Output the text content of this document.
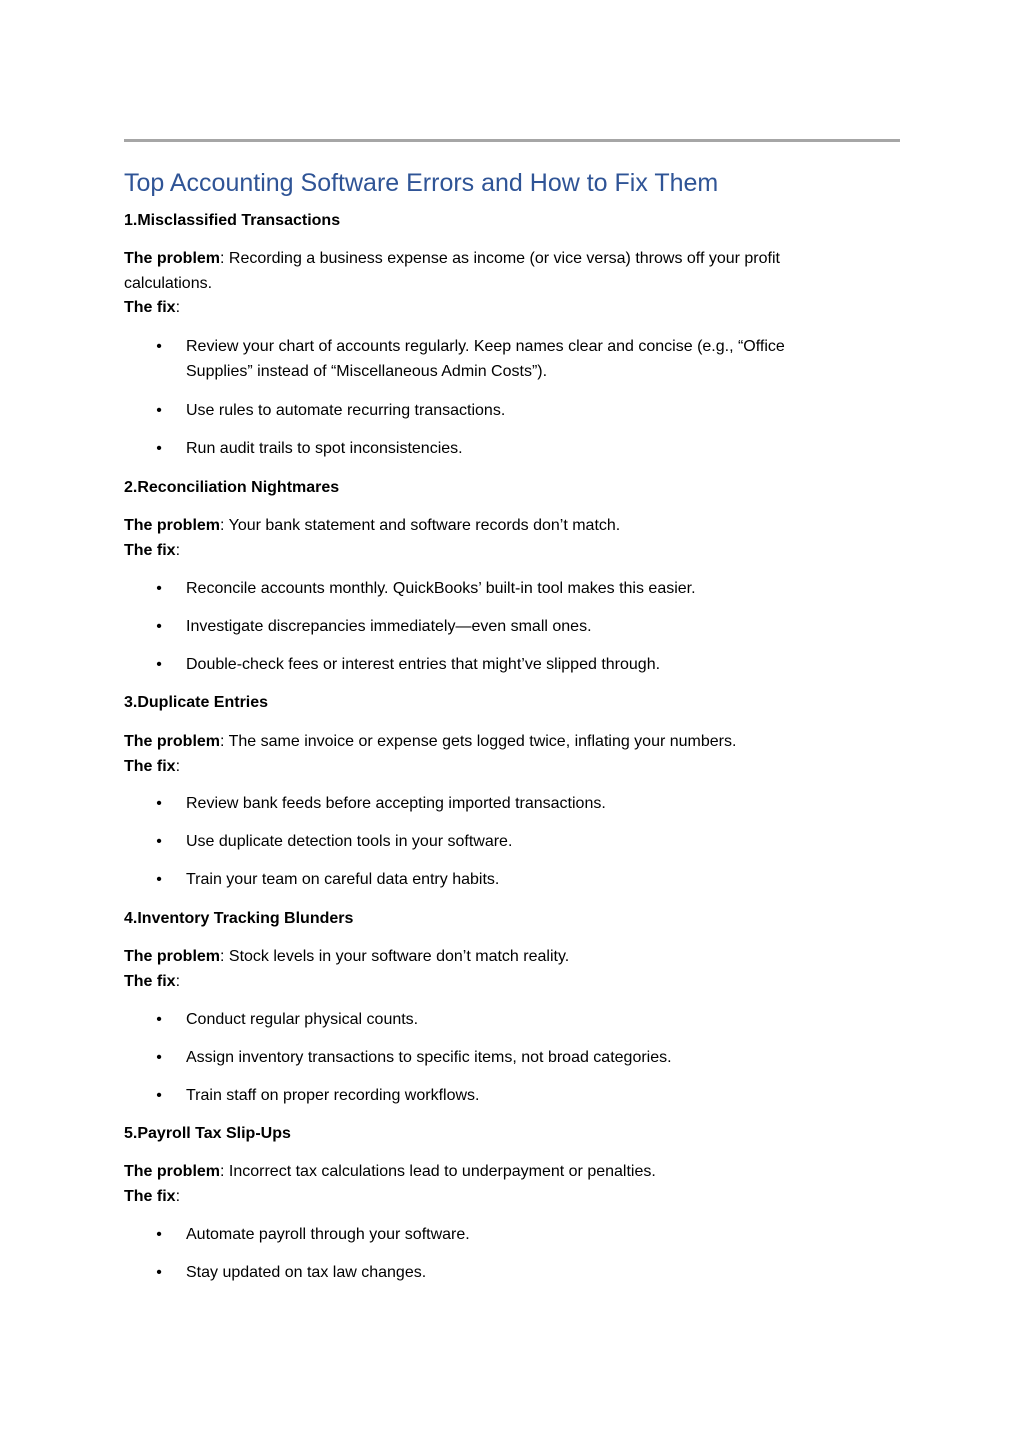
Top Accounting Software Errors and How to Fix Them
1.Misclassified Transactions
The problem: Recording a business expense as income (or vice versa) throws off your profit calculations.
The fix:
• Review your chart of accounts regularly. Keep names clear and concise (e.g., “Office Supplies” instead of “Miscellaneous Admin Costs”).
• Use rules to automate recurring transactions.
• Run audit trails to spot inconsistencies.
2.Reconciliation Nightmares
The problem: Your bank statement and software records don’t match.
The fix:
• Reconcile accounts monthly. QuickBooks’ built-in tool makes this easier.
• Investigate discrepancies immediately—even small ones.
• Double-check fees or interest entries that might’ve slipped through.
3.Duplicate Entries
The problem: The same invoice or expense gets logged twice, inflating your numbers.
The fix:
• Review bank feeds before accepting imported transactions.
• Use duplicate detection tools in your software.
• Train your team on careful data entry habits.
4.Inventory Tracking Blunders
The problem: Stock levels in your software don’t match reality.
The fix:
• Conduct regular physical counts.
• Assign inventory transactions to specific items, not broad categories.
• Train staff on proper recording workflows.
5.Payroll Tax Slip-Ups
The problem: Incorrect tax calculations lead to underpayment or penalties.
The fix:
• Automate payroll through your software.
• Stay updated on tax law changes.
